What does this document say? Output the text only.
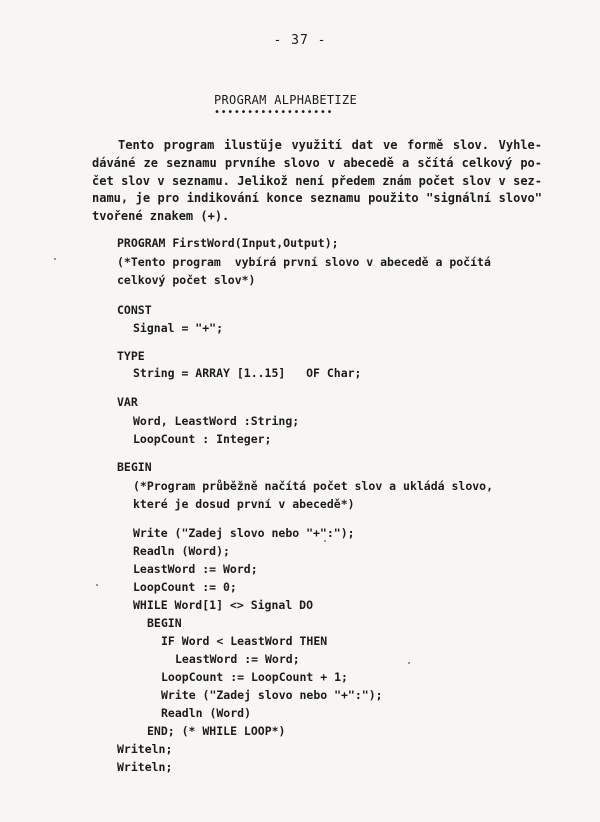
- 37 -
PROGRAM ALPHABETIZE
••••••••••••••••••
Tento program ilustŭje využití dat ve formě slov. Vyhle-
dáváné ze seznamu prvníhe slovo v abecedě a sčítá celkový po-
čet slov v seznamu. Jelikož není předem znám počet slov v sez-
namu, je pro indikování konce seznamu použito "signální slovo"
tvořené znakem (+).
PROGRAM FirstWord(Input,Output);
(*Tento program  vybírá první slovo v abecedě a počítá
celkový počet slov*)
CONST
Signal = "+";
TYPE
String = ARRAY [1..15]   OF Char;
VAR
Word, LeastWord :String;
LoopCount : Integer;
BEGIN
(*Program průběžně načítá počet slov a ukládá slovo,
které je dosud první v abecedě*)
Write ("Zadej slovo nebo "+":");
Readln (Word);
LeastWord := Word;
LoopCount := 0;
WHILE Word[1] <> Signal DO
BEGIN
IF Word < LeastWord THEN
LeastWord := Word;
LoopCount := LoopCount + 1;
Write ("Zadej slovo nebo "+":");
Readln (Word)
END; (* WHILE LOOP*)
Writeln;
Writeln;
